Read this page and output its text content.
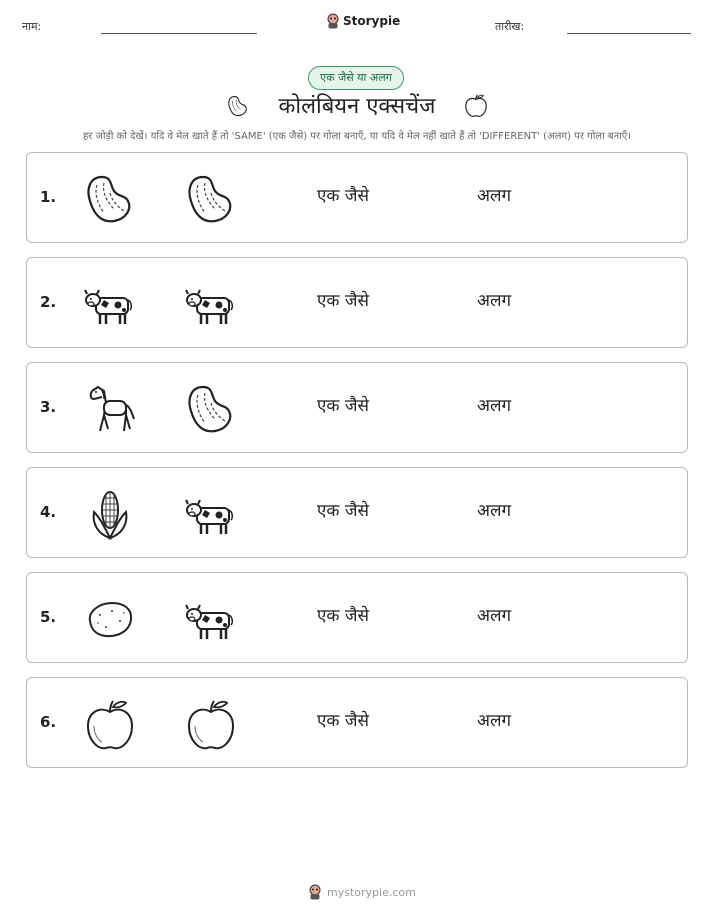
नाम:	Storypie	तारीख:
एक जैसे या अलग
कोलंबियन एक्सचेंज
हर जोड़ी को देखें। यदि वे मेल खाते हैं तो 'SAME' (एक जैसे) पर गोला बनाएँ, या यदि वे मेल नहीं खाते हैं तो 'DIFFERENT' (अलग) पर गोला बनाएँ।
1.	एक जैसे	अलग
2.	एक जैसे	अलग
3.	एक जैसे	अलग
4.	एक जैसे	अलग
5.	एक जैसे	अलग
6.	एक जैसे	अलग
mystorypie.com
